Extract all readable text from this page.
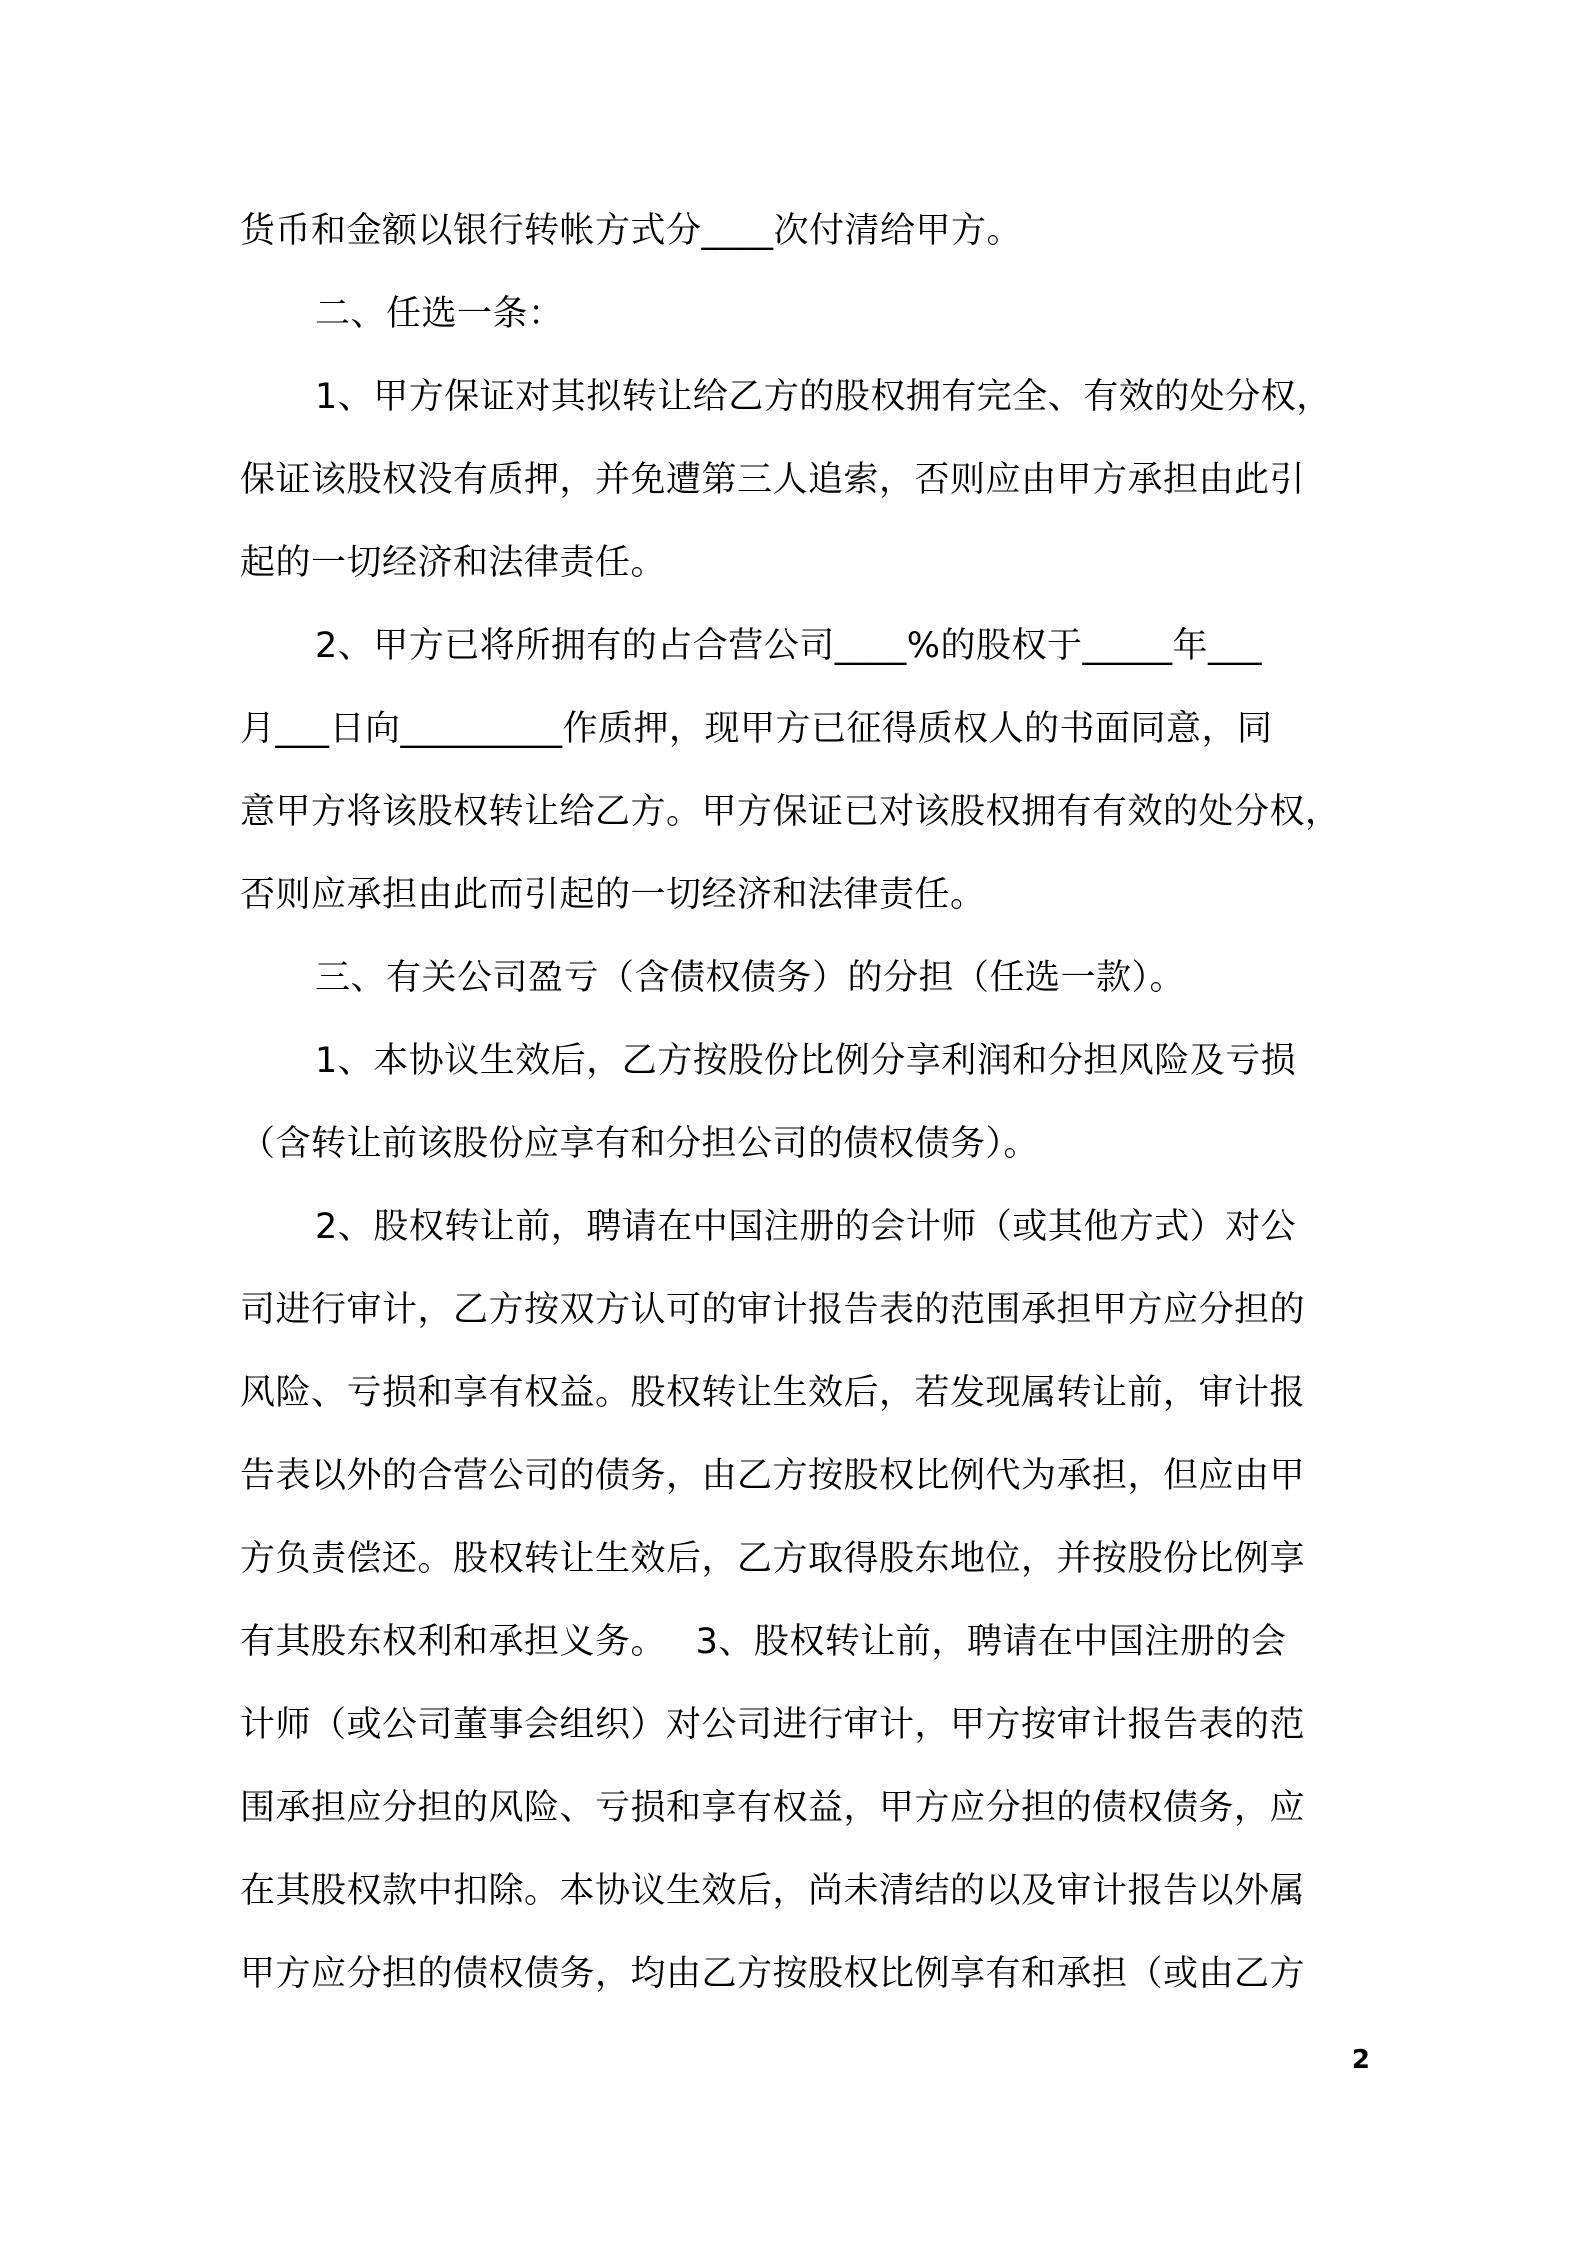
货币和金额以银行转帐方式分____次付清给甲方。
二、任选一条：
1、甲方保证对其拟转让给乙方的股权拥有完全、有效的处分权，
保证该股权没有质押，并免遭第三人追索，否则应由甲方承担由此引
起的一切经济和法律责任。
2、甲方已将所拥有的占合营公司____%的股权于_____年___
月___日向_________作质押，现甲方已征得质权人的书面同意，同
意甲方将该股权转让给乙方。甲方保证已对该股权拥有有效的处分权，
否则应承担由此而引起的一切经济和法律责任。
三、有关公司盈亏（含债权债务）的分担（任选一款）。
1、本协议生效后，乙方按股份比例分享利润和分担风险及亏损
（含转让前该股份应享有和分担公司的债权债务）。
2、股权转让前，聘请在中国注册的会计师（或其他方式）对公
司进行审计，乙方按双方认可的审计报告表的范围承担甲方应分担的
风险、亏损和享有权益。股权转让生效后，若发现属转让前，审计报
告表以外的合营公司的债务，由乙方按股权比例代为承担，但应由甲
方负责偿还。股权转让生效后，乙方取得股东地位，并按股份比例享
有其股东权利和承担义务。　 3、股权转让前，聘请在中国注册的会
计师（或公司董事会组织）对公司进行审计，甲方按审计报告表的范
围承担应分担的风险、亏损和享有权益，甲方应分担的债权债务，应
在其股权款中扣除。本协议生效后，尚未清结的以及审计报告以外属
甲方应分担的债权债务，均由乙方按股权比例享有和承担（或由乙方
2
